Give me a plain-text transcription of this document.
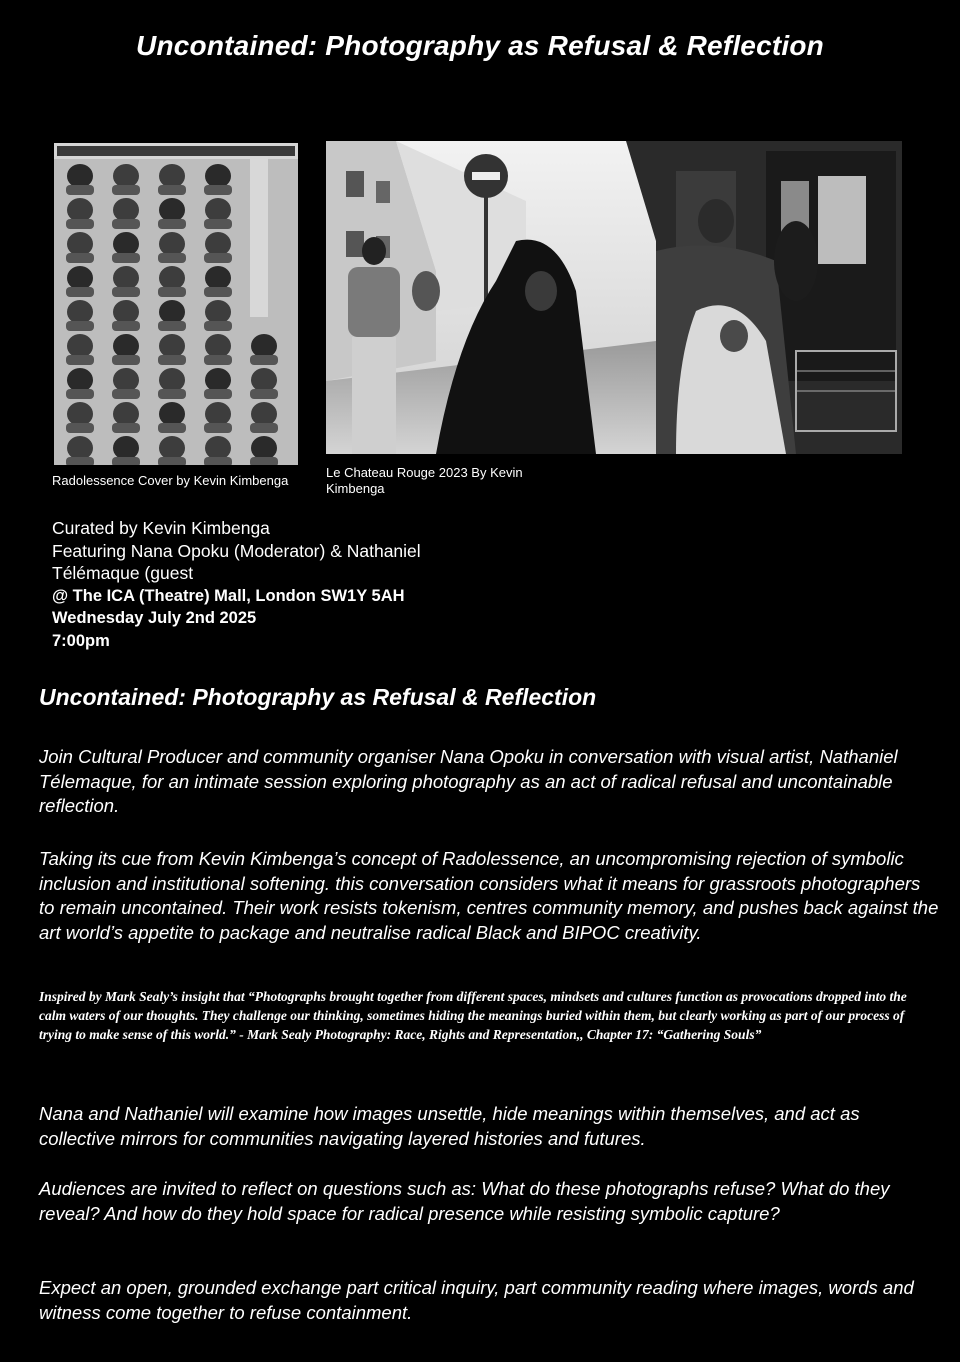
Uncontained: Photography as Refusal & Reflection
Radolessence Cover by Kevin Kimbenga
Le Chateau Rouge 2023 By Kevin Kimbenga
Curated by Kevin Kimbenga
Featuring Nana Opoku (Moderator) & Nathaniel
Télémaque (guest
@ The ICA (Theatre) Mall, London SW1Y 5AH
Wednesday July 2nd 2025
7:00pm
Uncontained: Photography as Refusal & Reflection
Join Cultural Producer and community organiser Nana Opoku in conversation with visual artist, Nathaniel Télemaque, for an intimate session exploring photography as an act of radical refusal and uncontainable reflection.
Taking its cue from Kevin Kimbenga’s concept of Radolessence, an uncompromising rejection of symbolic inclusion and institutional softening. this conversation considers what it means for grassroots photographers to remain uncontained. Their work resists tokenism, centres community memory, and pushes back against the art world’s appetite to package and neutralise radical Black and BIPOC creativity.
Inspired by Mark Sealy’s insight that “Photographs brought together from different spaces, mindsets and cultures function as provocations dropped into the calm waters of our thoughts. They challenge our thinking, sometimes hiding the meanings buried within them, but clearly working as part of our process of trying to make sense of this world.” - Mark Sealy Photography: Race, Rights and Representation,, Chapter 17: “Gathering Souls”
Nana and Nathaniel will examine how images unsettle, hide meanings within themselves, and act as collective mirrors for communities navigating layered histories and futures.
Audiences are invited to reflect on questions such as: What do these photographs refuse? What do they reveal? And how do they hold space for radical presence while resisting symbolic capture?
Expect an open, grounded exchange part critical inquiry, part community reading where images, words and witness come together to refuse containment.
